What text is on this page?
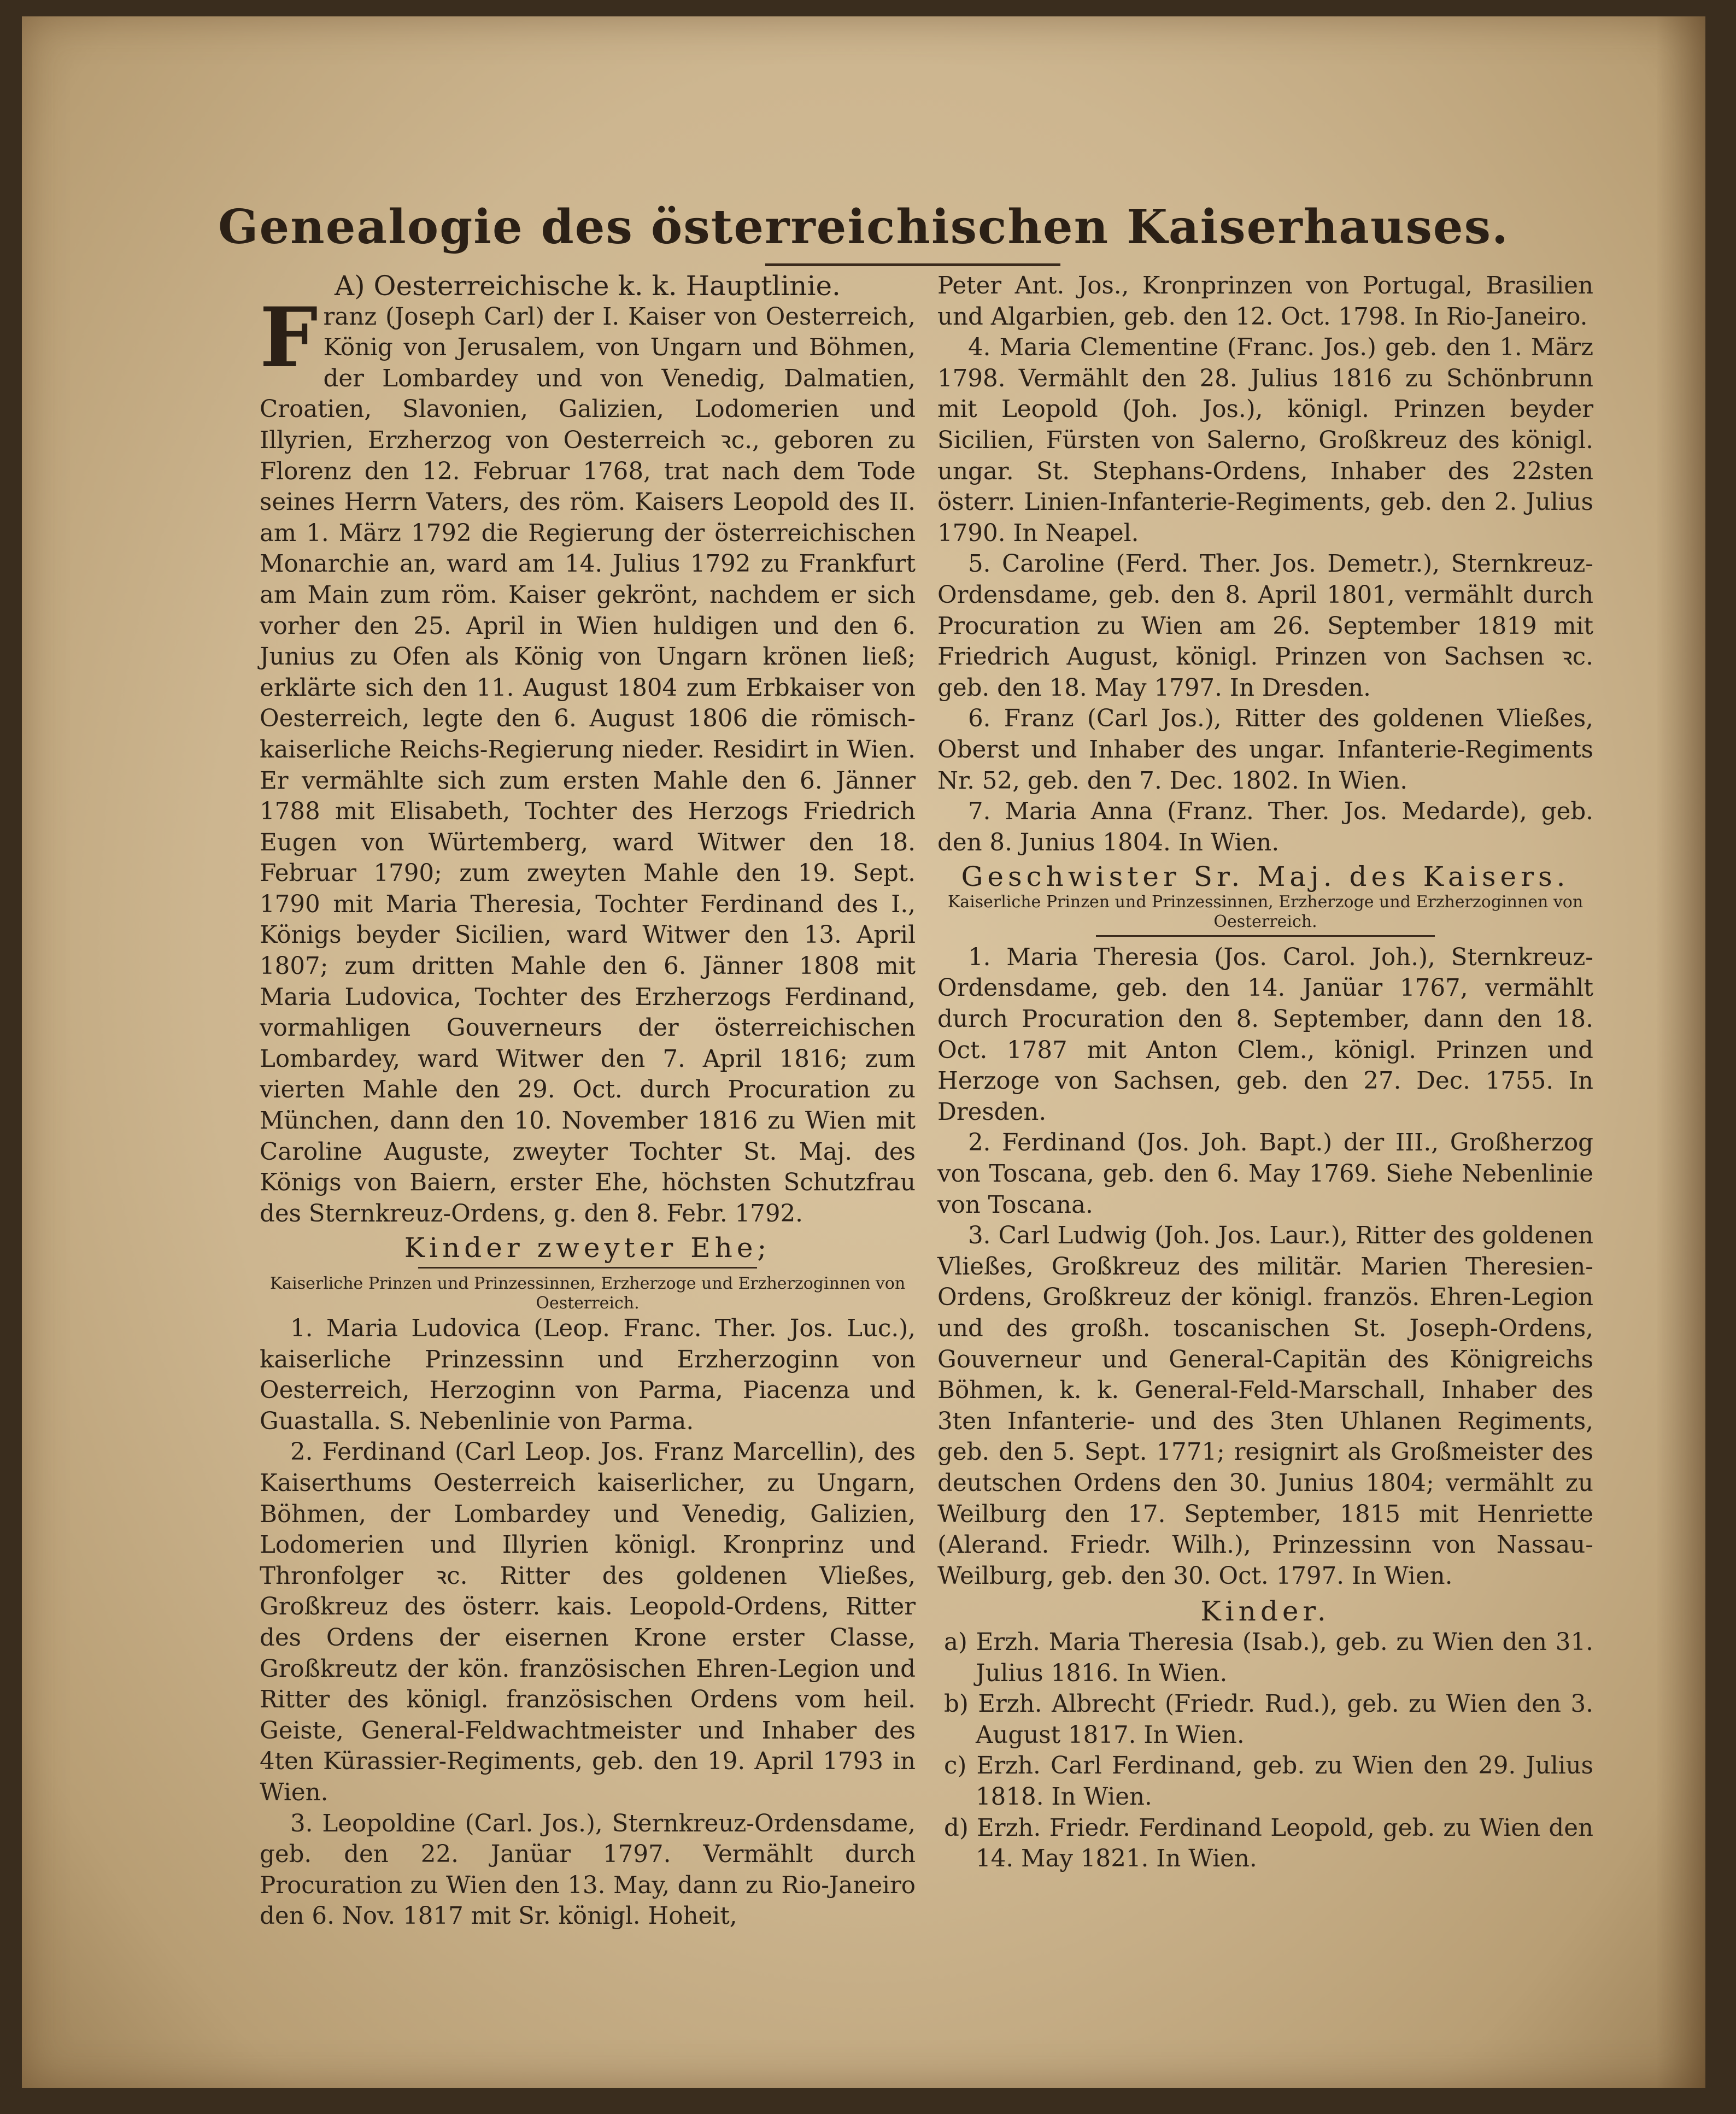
Genealogie des österreichischen Kaiserhauses.

A) Oesterreichische k. k. Hauptlinie.

Franz (Joseph Carl) der I. Kaiser von Oesterreich, König von Jerusalem, von Ungarn und Böhmen, der Lombardey und von Venedig, Dalmatien, Croatien, Slavonien, Galizien, Lodomerien und Illyrien, Erzherzog von Oesterreich ꝛc., geboren zu Florenz den 12. Februar 1768, trat nach dem Tode seines Herrn Vaters, des röm. Kaisers Leopold des II. am 1. März 1792 die Regierung der österreichischen Monarchie an, ward am 14. Julius 1792 zu Frankfurt am Main zum röm. Kaiser gekrönt, nachdem er sich vorher den 25. April in Wien huldigen und den 6. Junius zu Ofen als König von Ungarn krönen ließ; erklärte sich den 11. August 1804 zum Erbkaiser von Oesterreich, legte den 6. August 1806 die römisch-kaiserliche Reichs-Regierung nieder. Residirt in Wien. Er vermählte sich zum ersten Mahle den 6. Jänner 1788 mit Elisabeth, Tochter des Herzogs Friedrich Eugen von Würtemberg, ward Witwer den 18. Februar 1790; zum zweyten Mahle den 19. Sept. 1790 mit Maria Theresia, Tochter Ferdinand des I., Königs beyder Sicilien, ward Witwer den 13. April 1807; zum dritten Mahle den 6. Jänner 1808 mit Maria Ludovica, Tochter des Erzherzogs Ferdinand, vormahligen Gouverneurs der österreichischen Lombardey, ward Witwer den 7. April 1816; zum vierten Mahle den 29. Oct. durch Procuration zu München, dann den 10. November 1816 zu Wien mit Caroline Auguste, zweyter Tochter St. Maj. des Königs von Baiern, erster Ehe, höchsten Schutzfrau des Sternkreuz-Ordens, g. den 8. Febr. 1792.

Kinder zweyter Ehe;

Kaiserliche Prinzen und Prinzessinnen, Erzherzoge und Erzherzoginnen von Oesterreich.

1. Maria Ludovica (Leop. Franc. Ther. Jos. Luc.), kaiserliche Prinzessinn und Erzherzoginn von Oesterreich, Herzoginn von Parma, Piacenza und Guastalla. S. Nebenlinie von Parma.

2. Ferdinand (Carl Leop. Jos. Franz Marcellin), des Kaiserthums Oesterreich kaiserlicher, zu Ungarn, Böhmen, der Lombardey und Venedig, Galizien, Lodomerien und Illyrien königl. Kronprinz und Thronfolger ꝛc. Ritter des goldenen Vließes, Großkreuz des österr. kais. Leopold-Ordens, Ritter des Ordens der eisernen Krone erster Classe, Großkreutz der kön. französischen Ehren-Legion und Ritter des königl. französischen Ordens vom heil. Geiste, General-Feldwachtmeister und Inhaber des 4ten Kürassier-Regiments, geb. den 19. April 1793 in Wien.

3. Leopoldine (Carl. Jos.), Sternkreuz-Ordensdame, geb. den 22. Janüar 1797. Vermählt durch Procuration zu Wien den 13. May, dann zu Rio-Janeiro den 6. Nov. 1817 mit Sr. königl. Hoheit,

Peter Ant. Jos., Kronprinzen von Portugal, Brasilien und Algarbien, geb. den 12. Oct. 1798. In Rio-Janeiro.

4. Maria Clementine (Franc. Jos.) geb. den 1. März 1798. Vermählt den 28. Julius 1816 zu Schönbrunn mit Leopold (Joh. Jos.), königl. Prinzen beyder Sicilien, Fürsten von Salerno, Großkreuz des königl. ungar. St. Stephans-Ordens, Inhaber des 22sten österr. Linien-Infanterie-Regiments, geb. den 2. Julius 1790. In Neapel.

5. Caroline (Ferd. Ther. Jos. Demetr.), Sternkreuz-Ordensdame, geb. den 8. April 1801, vermählt durch Procuration zu Wien am 26. September 1819 mit Friedrich August, königl. Prinzen von Sachsen ꝛc. geb. den 18. May 1797. In Dresden.

6. Franz (Carl Jos.), Ritter des goldenen Vließes, Oberst und Inhaber des ungar. Infanterie-Regiments Nr. 52, geb. den 7. Dec. 1802. In Wien.

7. Maria Anna (Franz. Ther. Jos. Medarde), geb. den 8. Junius 1804. In Wien.

Geschwister Sr. Maj. des Kaisers.

Kaiserliche Prinzen und Prinzessinnen, Erzherzoge und Erzherzoginnen von Oesterreich.

1. Maria Theresia (Jos. Carol. Joh.), Sternkreuz-Ordensdame, geb. den 14. Janüar 1767, vermählt durch Procuration den 8. September, dann den 18. Oct. 1787 mit Anton Clem., königl. Prinzen und Herzoge von Sachsen, geb. den 27. Dec. 1755. In Dresden.

2. Ferdinand (Jos. Joh. Bapt.) der III., Großherzog von Toscana, geb. den 6. May 1769. Siehe Nebenlinie von Toscana.

3. Carl Ludwig (Joh. Jos. Laur.), Ritter des goldenen Vließes, Großkreuz des militär. Marien Theresien-Ordens, Großkreuz der königl. französ. Ehren-Legion und des großh. toscanischen St. Joseph-Ordens, Gouverneur und General-Capitän des Königreichs Böhmen, k. k. General-Feld-Marschall, Inhaber des 3ten Infanterie- und des 3ten Uhlanen Regiments, geb. den 5. Sept. 1771; resignirt als Großmeister des deutschen Ordens den 30. Junius 1804; vermählt zu Weilburg den 17. September, 1815 mit Henriette (Alerand. Friedr. Wilh.), Prinzessinn von Nassau-Weilburg, geb. den 30. Oct. 1797. In Wien.

Kinder.

a) Erzh. Maria Theresia (Isab.), geb. zu Wien den 31. Julius 1816. In Wien.

b) Erzh. Albrecht (Friedr. Rud.), geb. zu Wien den 3. August 1817. In Wien.

c) Erzh. Carl Ferdinand, geb. zu Wien den 29. Julius 1818. In Wien.

d) Erzh. Friedr. Ferdinand Leopold, geb. zu Wien den 14. May 1821. In Wien.
